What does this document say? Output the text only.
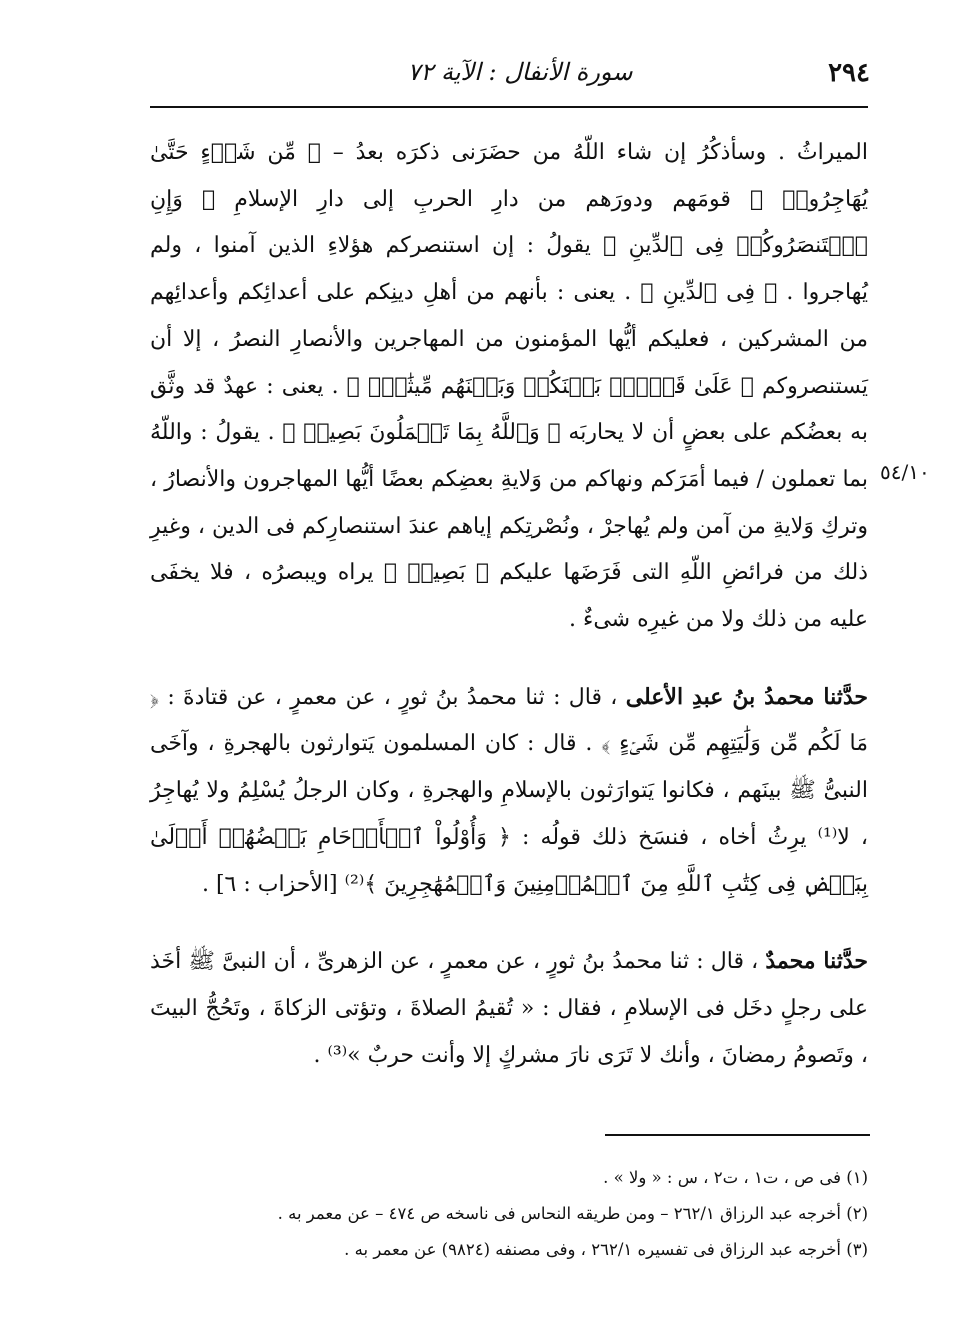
٢٩٤
سورة الأنفال : الآية ٧٢
٥٤/١٠

الميراثُ . وسأذكُرُ إن شاء اللّهُ من حضَرَنى ذكرَه بعدُ – ﴿ مِّن شَىۡءٍ حَتَّىٰ يُهَاجِرُواۚ ﴾ قومَهم ودورَهم من دارِ الحربِ إلى دارِ الإسلامِ ﴿ وَإِنِ ٱسۡتَنصَرُوكُمۡ فِى ٱلدِّينِ ﴾ يقولُ : إن استنصركم هؤلاءِ الذين آمنوا ، ولم يُهاجروا . ﴿ فِى ٱلدِّينِ ﴾ . يعنى : بأنهم من أهلِ دينِكم على أعدائِكم وأعدائِهم من المشركين ، فعليكم أيُّها المؤمنون من المهاجرين والأنصارِ النصرُ ، إلا أن يَستنصروكم ﴿ عَلَىٰ قَوۡمِۭ بَيۡنَكُمۡ وَبَيۡنَهُم مِّيثَٰقٌۗ ﴾ . يعنى : عهدٌ قد وثَّق به بعضُكم على بعضٍ أن لا يحاربَه ﴿ وَٱللَّهُ بِمَا تَعۡمَلُونَ بَصِيرٞ ﴾ . يقولُ : واللّهُ بما تعملون / فيما أمَرَكم ونهاكم من وَلايةِ بعضِكم بعضًا أيُّها المهاجرون والأنصارُ ، وتركِ وَلايةِ من آمن ولم يُهاجرْ ، ونُصْرتِكم إياهم عندَ استنصارِكم فى الدين ، وغيرِ ذلك من فرائضِ اللّهِ التى فَرَضَها عليكم ﴿ بَصِيرٞ ﴾ يراه ويبصرُه ، فلا يخفَى عليه من ذلك ولا من غيرِه شىءٌ .

حدَّثنا محمدُ بنُ عبدِ الأعلى ، قال : ثنا محمدُ بنُ ثورٍ ، عن معمرٍ ، عن قتادةَ : ﴿ مَا لَكُم مِّن وَلَٰيَتِهِم مِّن شَىۡءٍ ﴾ . قال : كان المسلمون يَتوارثون بالهجرةِ ، وآخَى النبىُّ ﷺ بينَهم ، فكانوا يَتوارَثون بالإسلامِ والهجرةِ ، وكان الرجلُ يُسْلِمُ ولا يُهاجِرُ ، لا⁽¹⁾ يرِثُ أخاه ، فنسَخ ذلك قولُه : ﴿ وَأُوْلُواْ ٱلۡأَرۡحَامِ بَعۡضُهُمۡ أَوۡلَىٰ بِبَعۡضٖ فِى كِتَٰبِ ٱللَّهِ مِنَ ٱلۡمُؤۡمِنِينَ وَٱلۡمُهَٰجِرِينَ ﴾⁽²⁾ [الأحزاب : ٦] .

حدَّثنا محمدٌ ، قال : ثنا محمدُ بنُ ثورٍ ، عن معمرٍ ، عن الزهرىِّ ، أن النبىَّ ﷺ أخَذ على رجلٍ دخَل فى الإسلامِ ، فقال : « تُقيمُ الصلاةَ ، وتؤتى الزكاةَ ، وتَحُجُّ البيتَ ، وتَصومُ رمضانَ ، وأنك لا تَرَى نارَ مشركٍ إلا وأنت حربٌ »⁽³⁾ .

(١) فى ص ، ت١ ، ت٢ ، س : « ولا » .

(٢) أخرجه عبد الرزاق ٢٦٢/١ – ومن طريقه النحاس فى ناسخه ص ٤٧٤ – عن معمر به .

(٣) أخرجه عبد الرزاق فى تفسيره ٢٦٢/١ ، وفى مصنفه (٩٨٢٤) عن معمر به .
